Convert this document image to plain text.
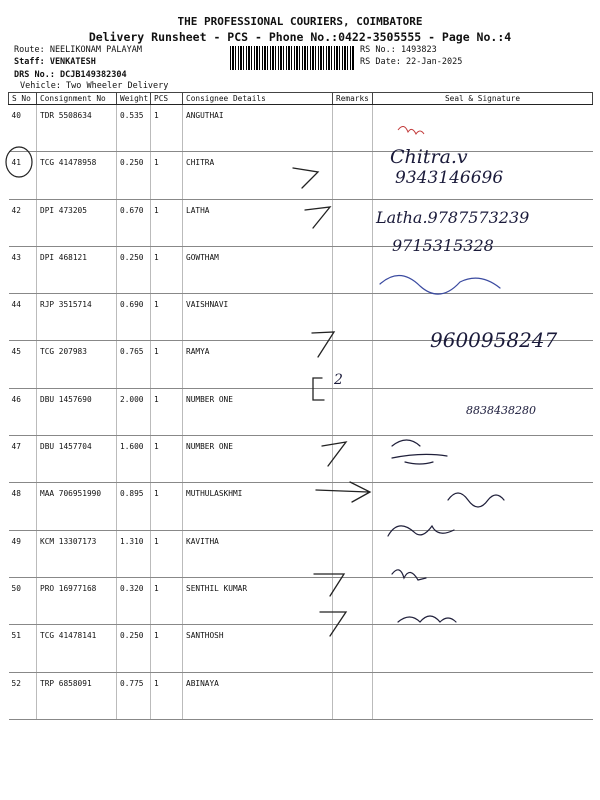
THE PROFESSIONAL COURIERS, COIMBATORE
Delivery Runsheet - PCS - Phone No.:0422-3505555 - Page No.:4
Route: NEELIKONAM PALAYAM
Staff: VENKATESH
DRS No.: DCJB149382304
Vehicle: Two Wheeler Delivery
RS No.: 1493823
RS Date: 22-Jan-2025
S No	Consignment No	Weight	PCS	Consignee Details	Remarks	Seal & Signature
40	TDR 5508634	0.535	1	ANGUTHAI		
41	TCG 41478958	0.250	1	CHITRA		
42	DPI 473205	0.670	1	LATHA		
43	DPI 468121	0.250	1	GOWTHAM		
44	RJP 3515714	0.690	1	VAISHNAVI		
45	TCG 207983	0.765	1	RAMYA		
46	DBU 1457690	2.000	1	NUMBER ONE		
47	DBU 1457704	1.600	1	NUMBER ONE		
48	MAA 706951990	0.895	1	MUTHULASKHMI		
49	KCM 13307173	1.310	1	KAVITHA		
50	PRO 16977168	0.320	1	SENTHIL KUMAR		
51	TCG 41478141	0.250	1	SANTHOSH		
52	TRP 6858091	0.775	1	ABINAYA		
Chitra.v
9343146696
Latha.9787573239
9715315328
9600958247
2
8838438280
